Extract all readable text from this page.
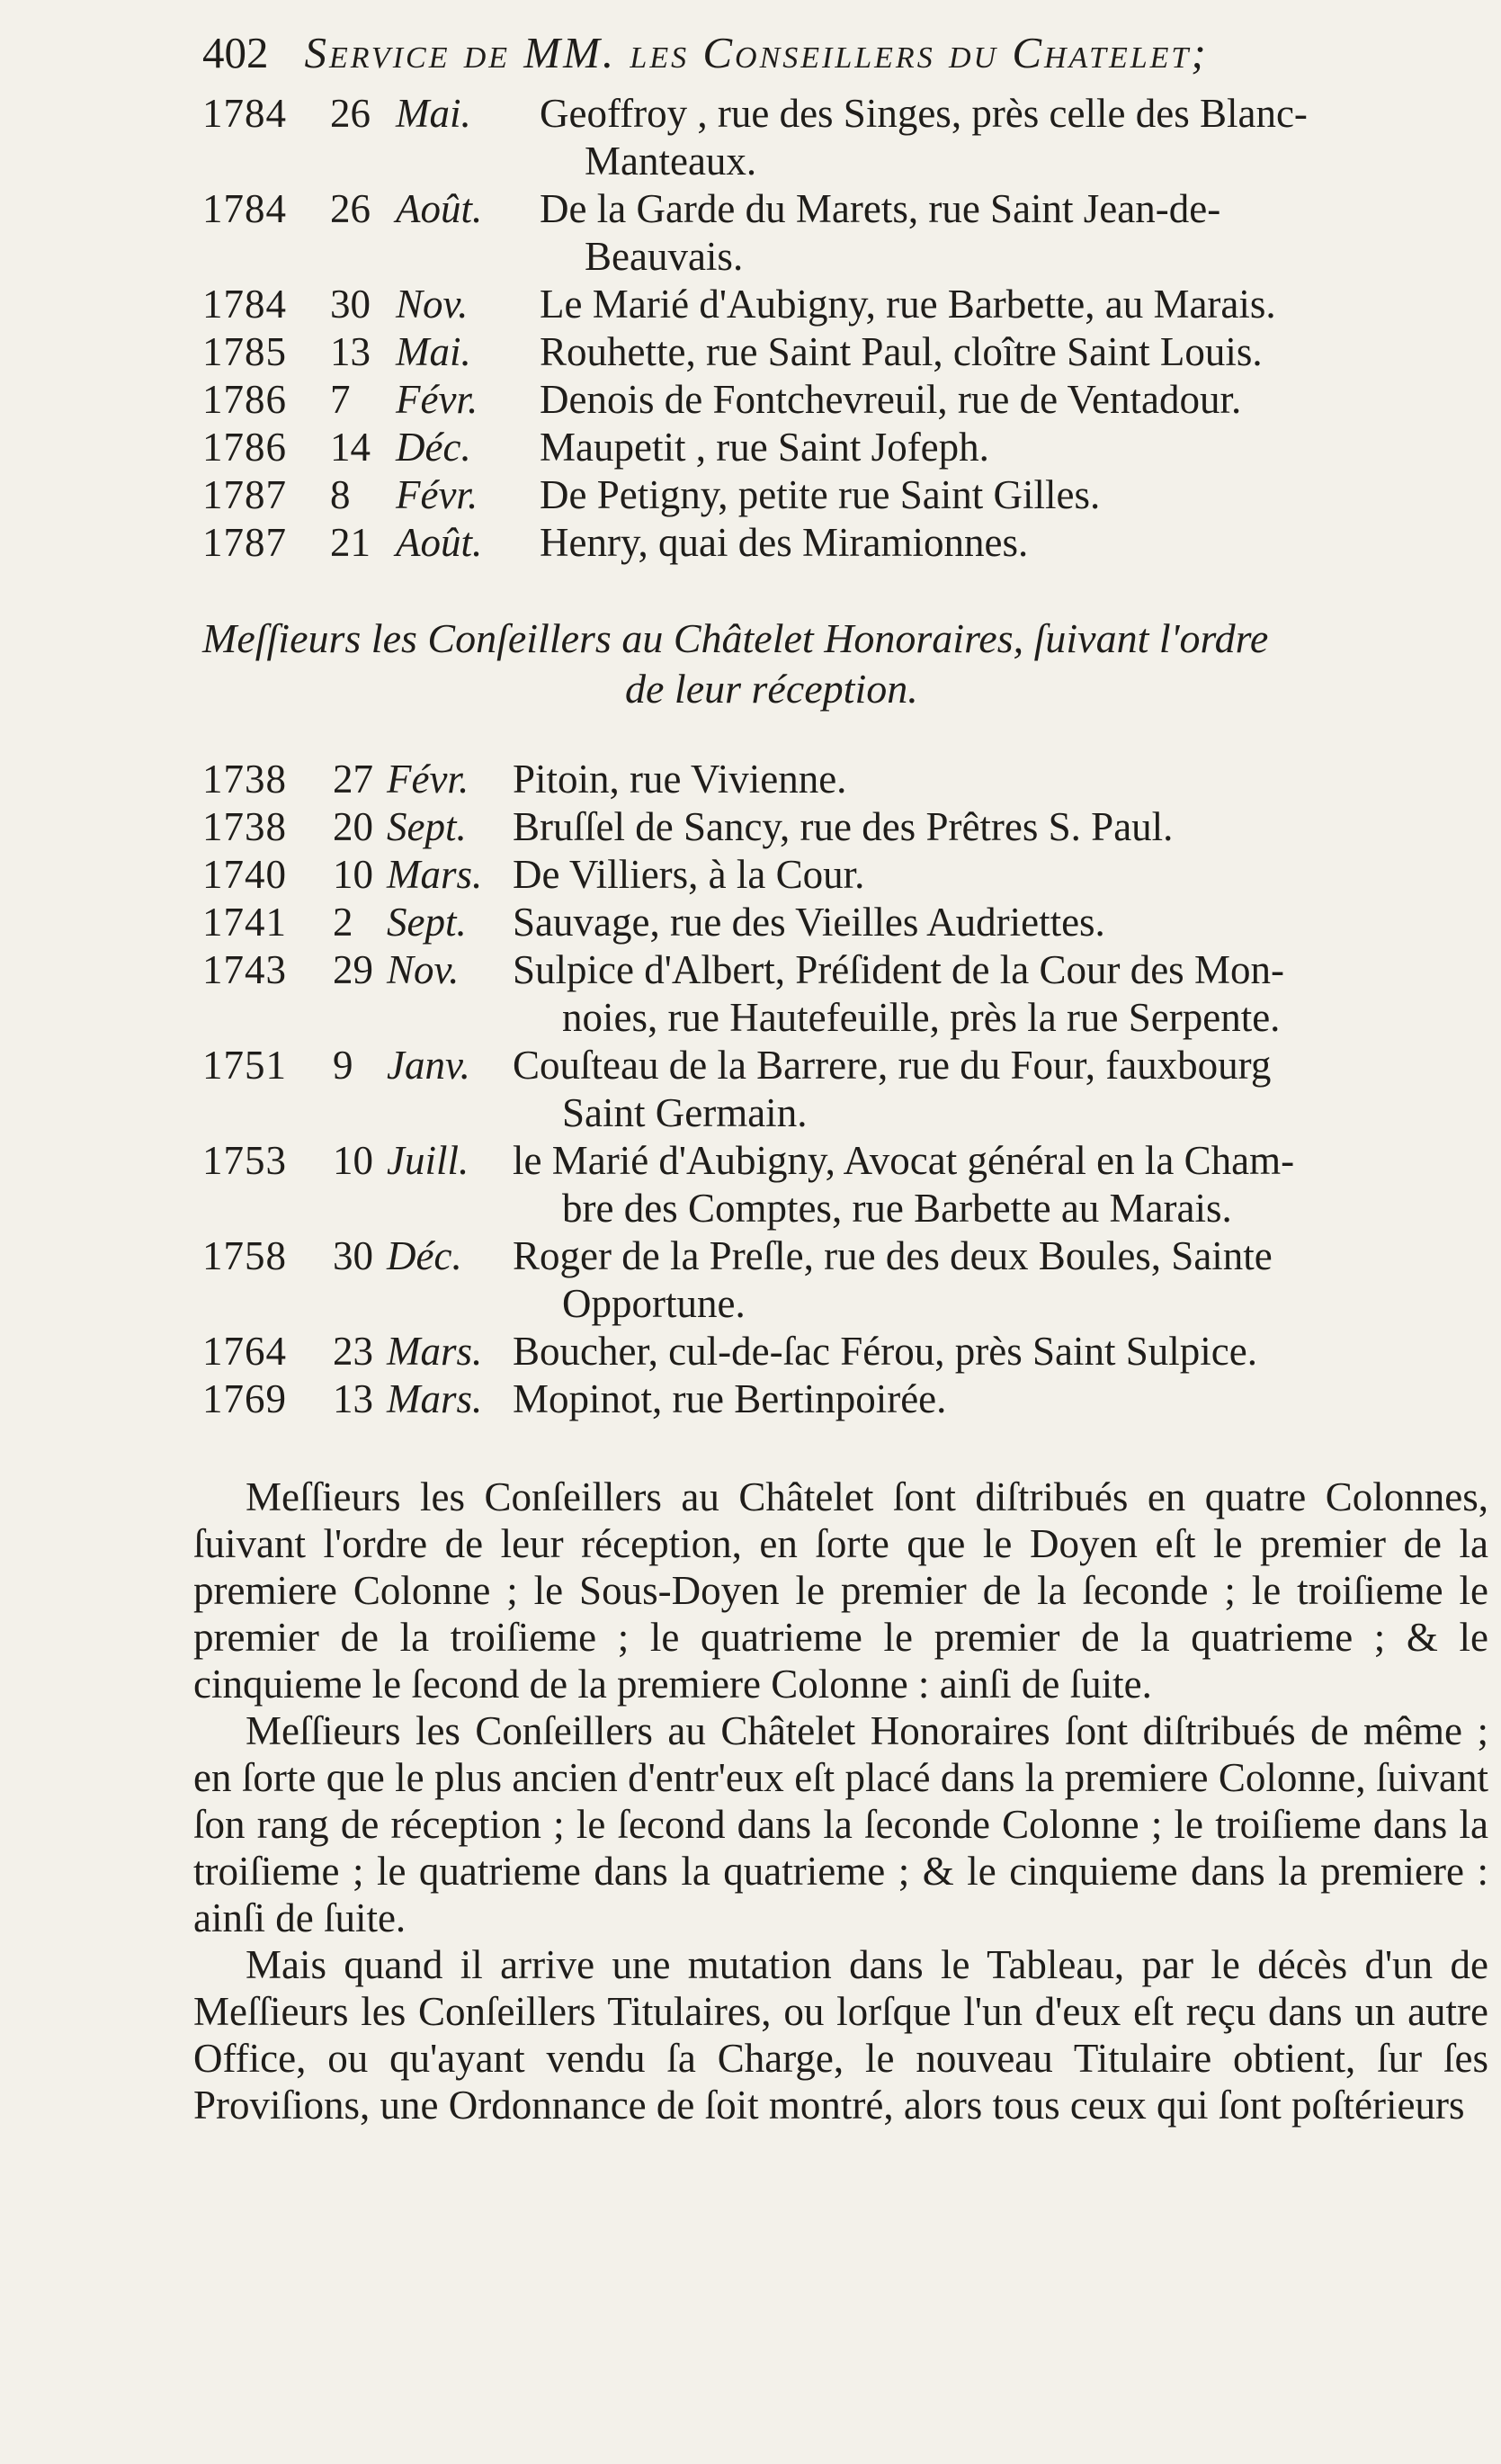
402 Service de MM. les Conseillers du Chatelet;
1784	26 Mai. Geoffroy , rue des Singes, près celle des Blanc-
Manteaux.
1784	26 Août. De la Garde du Marets, rue Saint Jean-de-
Beauvais.
1784	30 Nov. Le Marié d'Aubigny, rue Barbette, au Marais.
1785	13 Mai. Rouhette, rue Saint Paul, cloître Saint Louis.
1786	7	Févr. Denois de Fontchevreuil, rue de Ventadour.
1786	14 Déc. Maupetit , rue Saint Jofeph.
1787	8	Févr. De Petigny, petite rue Saint Gilles.
1787	21 Août. Henry, quai des Miramionnes.
Meſſieurs les Conſeillers au Châtelet Honoraires, ſuivant l'ordre
de leur réception.
1738	27 Févr. Pitoin, rue Vivienne.
1738	20 Sept. Bruſſel de Sancy, rue des Prêtres S. Paul.
1740	10 Mars. De Villiers, à la Cour.
1741	2 Sept. Sauvage, rue des Vieilles Audriettes.
1743	29 Nov. Sulpice d'Albert, Préſident de la Cour des Mon-
noies, rue Hautefeuille, près la rue Serpente.
1751	9 Janv. Couſteau de la Barrere, rue du Four, fauxbourg
Saint Germain.
1753	10 Juill. le Marié d'Aubigny, Avocat général en la Cham-
bre des Comptes, rue Barbette au Marais.
1758	30 Déc. Roger de la Preſle, rue des deux Boules, Sainte
Opportune.
1764	23 Mars. Boucher, cul-de-ſac Férou, près Saint Sulpice.
1769	13 Mars. Mopinot, rue Bertinpoirée.

Meſſieurs les Conſeillers au Châtelet ſont diſtribués en quatre Colonnes, ſuivant l'ordre de leur réception, en ſorte que le Doyen eſt le premier de la premiere Colonne ; le Sous-Doyen le premier de la ſeconde ; le troiſieme le premier de la troiſieme ; le quatrieme le premier de la quatrieme ; & le cinquieme le ſecond de la premiere Colonne : ainſi de ſuite.

Meſſieurs les Conſeillers au Châtelet Honoraires ſont diſtribués de même ; en ſorte que le plus ancien d'entr'eux eſt placé dans la premiere Colonne, ſuivant ſon rang de réception ; le ſecond dans la ſeconde Colonne ; le troiſieme dans la troiſieme ; le quatrieme dans la quatrieme ; & le cinquieme dans la premiere : ainſi de ſuite.

Mais quand il arrive une mutation dans le Tableau, par le décès d'un de Meſſieurs les Conſeillers Titulaires, ou lorſque l'un d'eux eſt reçu dans un autre Office, ou qu'ayant vendu ſa Charge, le nouveau Titulaire obtient, ſur ſes Proviſions, une Ordonnance de ſoit montré, alors tous ceux qui ſont poſtérieurs
